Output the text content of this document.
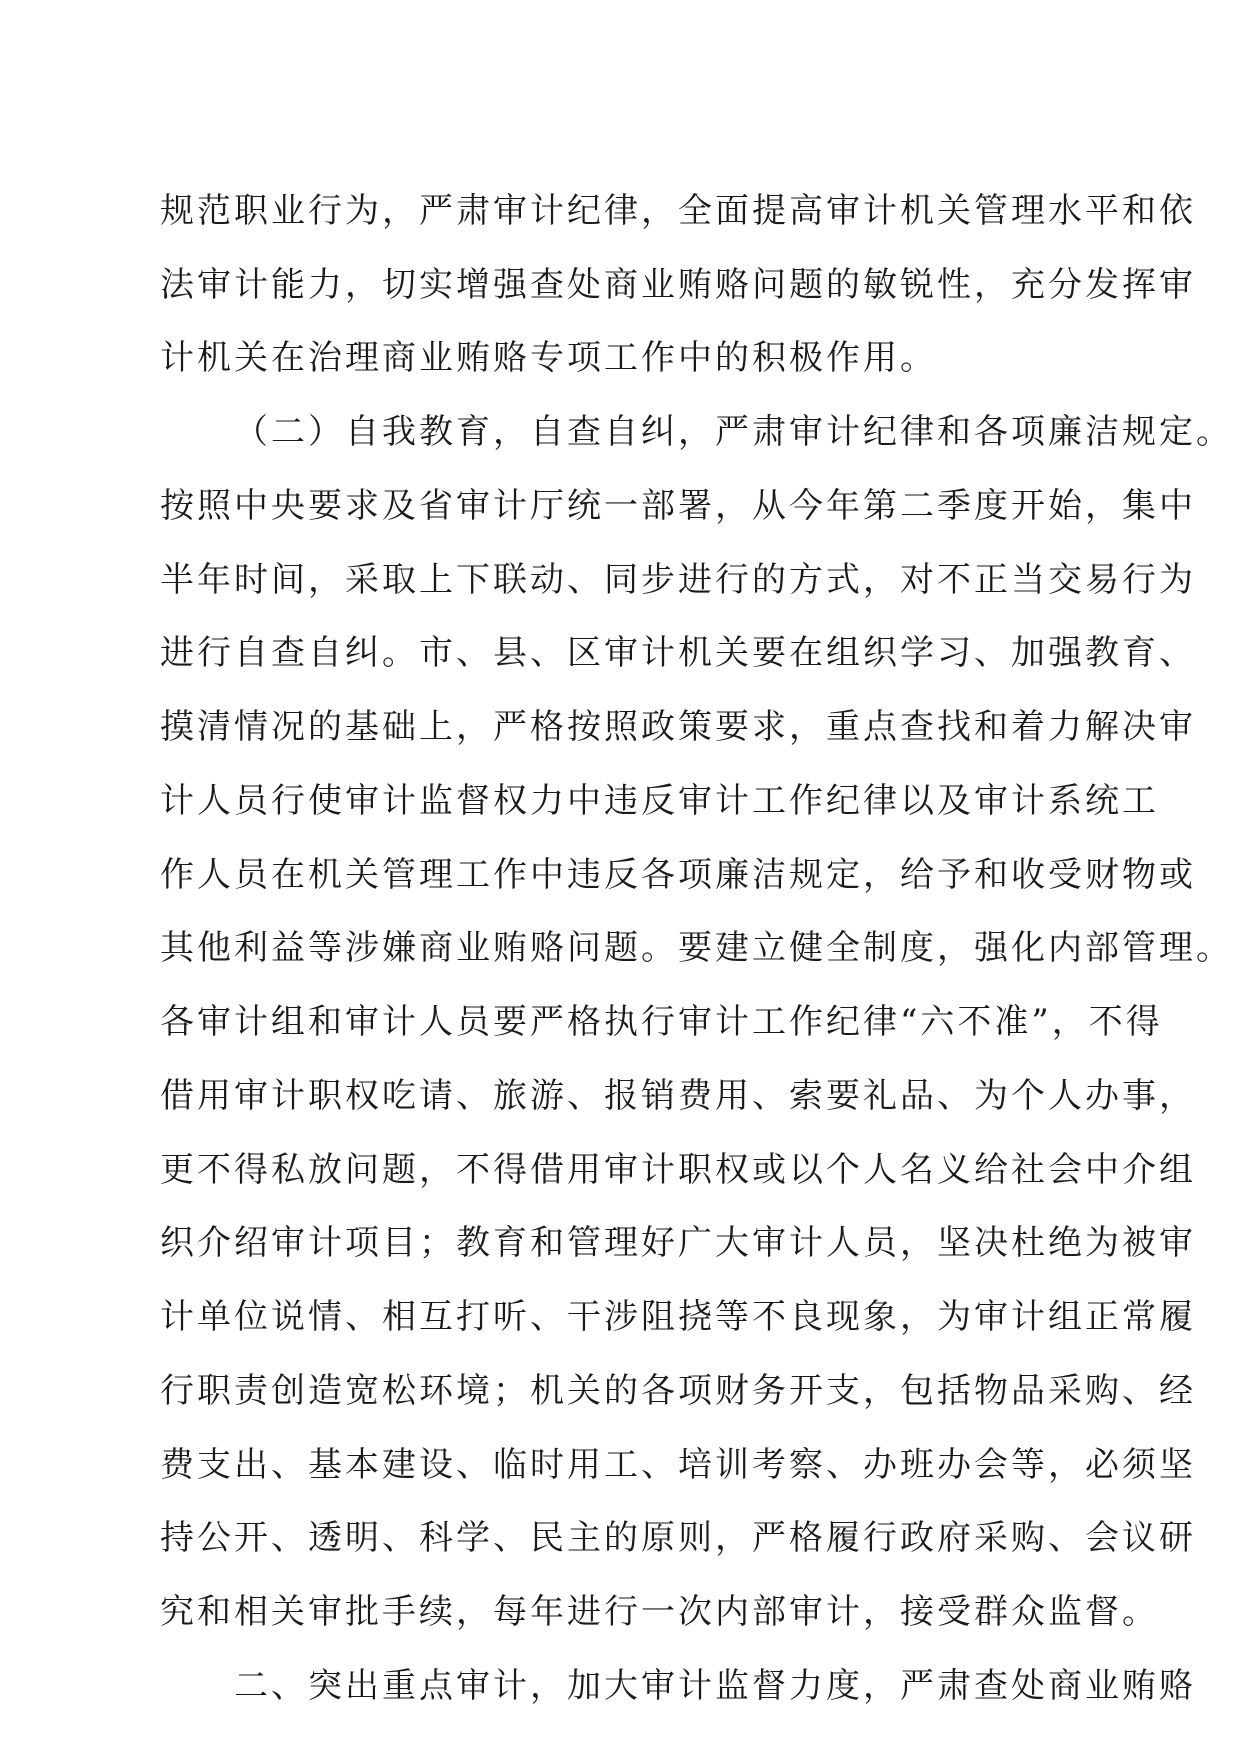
规范职业行为，严肃审计纪律，全面提高审计机关管理水平和依
法审计能力，切实增强查处商业贿赂问题的敏锐性，充分发挥审
计机关在治理商业贿赂专项工作中的积极作用。
（二）自我教育，自查自纠，严肃审计纪律和各项廉洁规定。
按照中央要求及省审计厅统一部署，从今年第二季度开始，集中
半年时间，采取上下联动、同步进行的方式，对不正当交易行为
进行自查自纠。市、县、区审计机关要在组织学习、加强教育、
摸清情况的基础上，严格按照政策要求，重点查找和着力解决审
计人员行使审计监督权力中违反审计工作纪律以及审计系统工
作人员在机关管理工作中违反各项廉洁规定，给予和收受财物或
其他利益等涉嫌商业贿赂问题。要建立健全制度，强化内部管理。
各审计组和审计人员要严格执行审计工作纪律“六不准”，不得
借用审计职权吃请、旅游、报销费用、索要礼品、为个人办事，
更不得私放问题，不得借用审计职权或以个人名义给社会中介组
织介绍审计项目；教育和管理好广大审计人员，坚决杜绝为被审
计单位说情、相互打听、干涉阻挠等不良现象，为审计组正常履
行职责创造宽松环境；机关的各项财务开支，包括物品采购、经
费支出、基本建设、临时用工、培训考察、办班办会等，必须坚
持公开、透明、科学、民主的原则，严格履行政府采购、会议研
究和相关审批手续，每年进行一次内部审计，接受群众监督。
二、突出重点审计，加大审计监督力度，严肃查处商业贿赂
